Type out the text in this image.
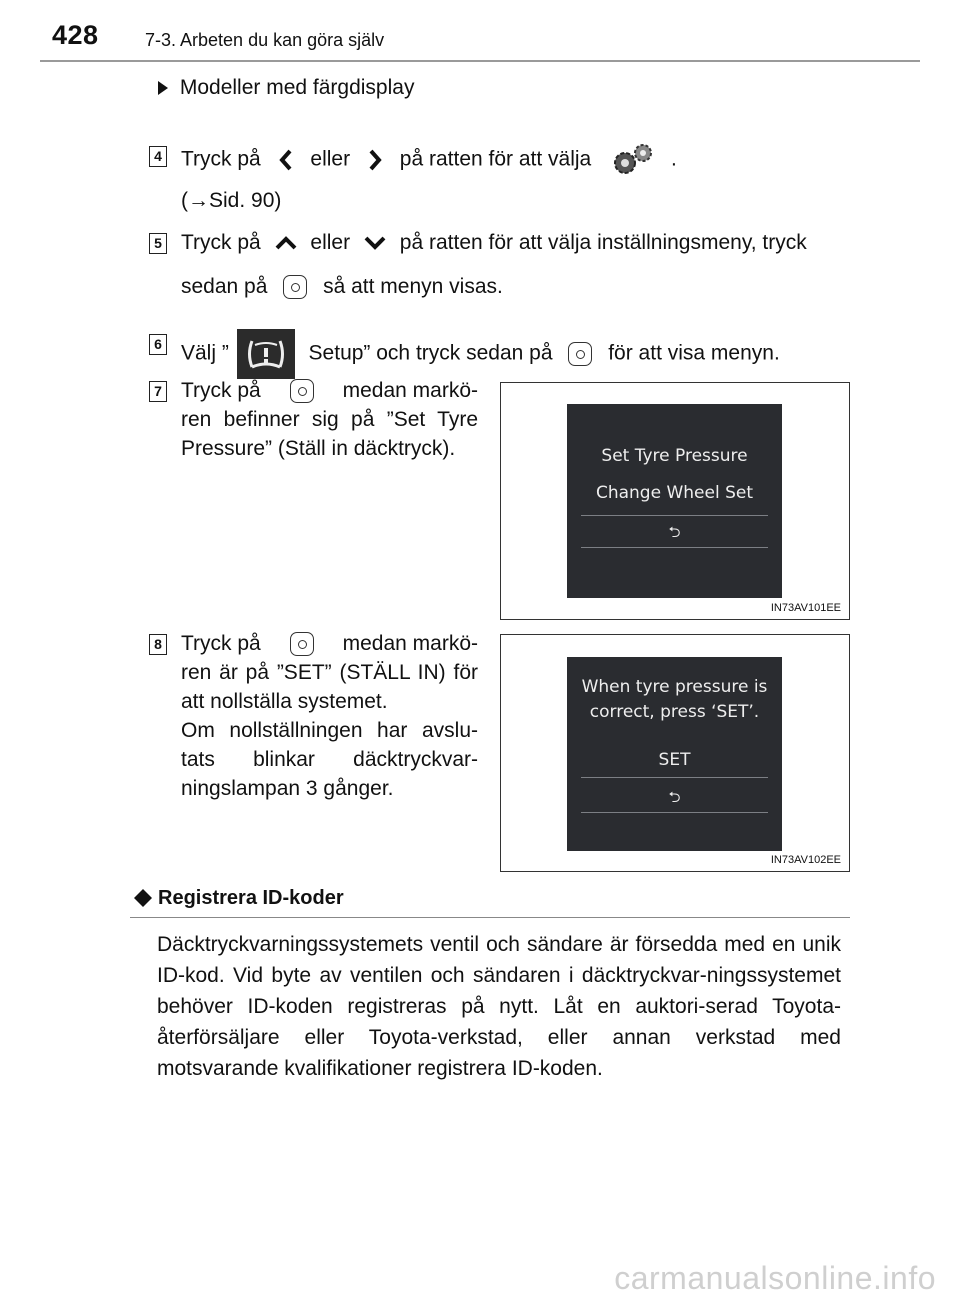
428	7-3. Arbeten du kan göra själv
Modeller med färgdisplay
4 Tryck på eller på ratten för att välja	.
(→Sid. 90)
5 Tryck på eller på ratten för att välja inställningsmeny, tryck
sedan på	så att menyn visas.
6 Välj ”	Setup” och tryck sedan på	för att visa menyn.
7 Tryck på	medan markö-
ren befinner sig på ”Set Tyre Pressure” (Ställ in däcktryck).	Set Tyre Pressure
Change Wheel Set
⮌
IN73AV101EE
8 Tryck på	medan markö-
ren är på ”SET” (STÄLL IN) för att nollställa systemet.
Om nollställningen har avslu-tats blinkar däcktryckvar-ningslampan 3 gånger.
When tyre pressure is
correct, press ‘SET’.
SET
⮌
IN73AV102EE
Registrera ID-koder
Däcktryckvarningssystemets ventil och sändare är försedda med en unik ID-kod. Vid byte av ventilen och sändaren i däcktryckvar-ningssystemet behöver ID-koden registreras på nytt. Låt en auktori-serad Toyota-återförsäljare eller Toyota-verkstad, eller annan verkstad med motsvarande kvalifikationer registrera ID-koden.
carmanualsonline.info
